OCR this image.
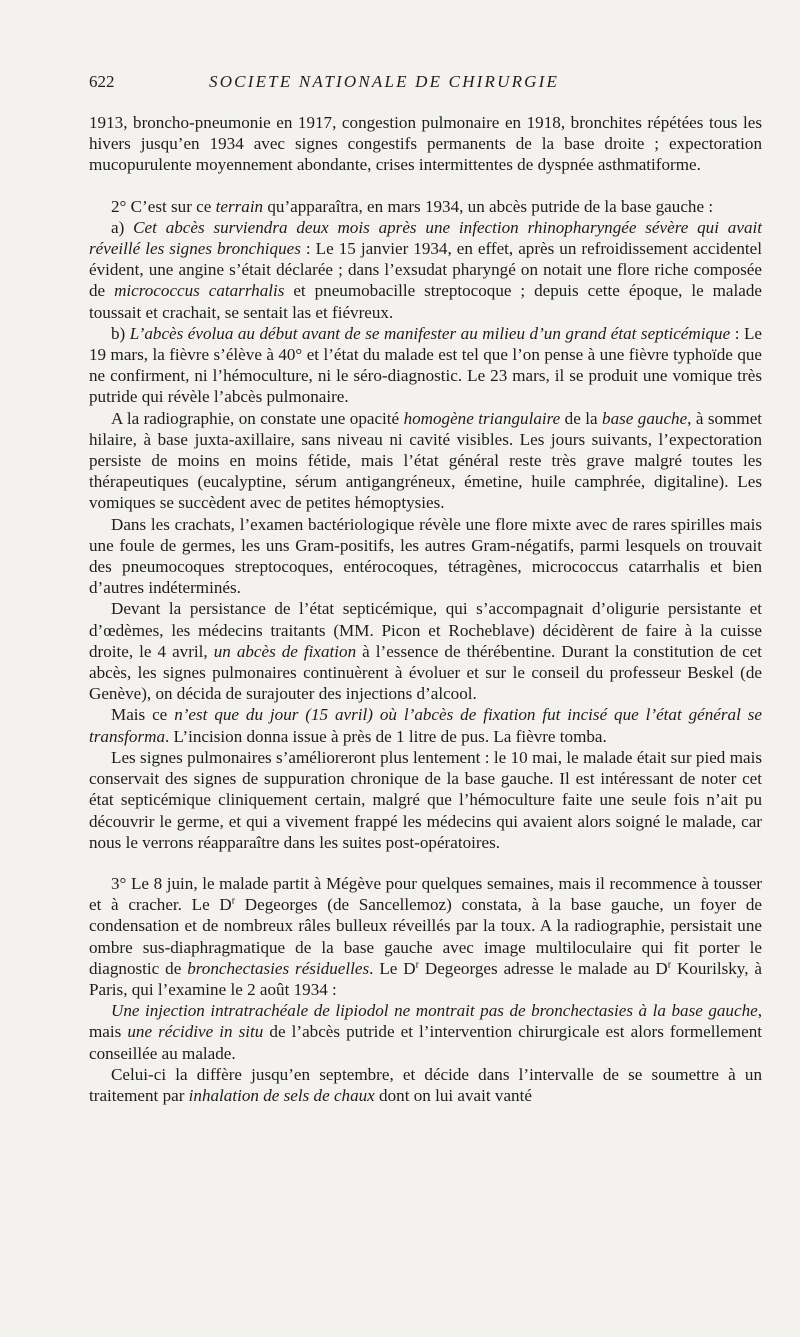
622	SOCIETE NATIONALE DE CHIRURGIE

1913, broncho-pneumonie en 1917, congestion pulmonaire en 1918, bronchites répétées tous les hivers jusqu’en 1934 avec signes congestifs permanents de la base droite ; expectoration mucopurulente moyennement abondante, crises intermittentes de dyspnée asthmatiforme.

2° C’est sur ce terrain qu’apparaîtra, en mars 1934, un abcès putride de la base gauche :

a) Cet abcès surviendra deux mois après une infection rhinopharyngée sévère qui avait réveillé les signes bronchiques : Le 15 janvier 1934, en effet, après un refroidissement accidentel évident, une angine s’était déclarée ; dans l’exsudat pharyngé on notait une flore riche composée de micrococcus catarrhalis et pneumobacille streptocoque ; depuis cette époque, le malade toussait et crachait, se sentait las et fiévreux.

b) L’abcès évolua au début avant de se manifester au milieu d’un grand état septicémique : Le 19 mars, la fièvre s’élève à 40° et l’état du malade est tel que l’on pense à une fièvre typhoïde que ne confirment, ni l’hémoculture, ni le séro-diagnostic. Le 23 mars, il se produit une vomique très putride qui révèle l’abcès pulmonaire.

A la radiographie, on constate une opacité homogène triangulaire de la base gauche, à sommet hilaire, à base juxta-axillaire, sans niveau ni cavité visibles. Les jours suivants, l’expectoration persiste de moins en moins fétide, mais l’état général reste très grave malgré toutes les thérapeutiques (eucalyptine, sérum antigangréneux, émetine, huile camphrée, digitaline). Les vomiques se succèdent avec de petites hémoptysies.

Dans les crachats, l’examen bactériologique révèle une flore mixte avec de rares spirilles mais une foule de germes, les uns Gram-positifs, les autres Gram-négatifs, parmi lesquels on trouvait des pneumocoques streptocoques, entérocoques, tétragènes, micrococcus catarrhalis et bien d’autres indéterminés.

Devant la persistance de l’état septicémique, qui s’accompagnait d’oligurie persistante et d’œdèmes, les médecins traitants (MM. Picon et Rocheblave) décidèrent de faire à la cuisse droite, le 4 avril, un abcès de fixation à l’essence de thérébentine. Durant la constitution de cet abcès, les signes pulmonaires continuèrent à évoluer et sur le conseil du professeur Beskel (de Genève), on décida de surajouter des injections d’alcool.

Mais ce n’est que du jour (15 avril) où l’abcès de fixation fut incisé que l’état général se transforma. L’incision donna issue à près de 1 litre de pus. La fièvre tomba.

Les signes pulmonaires s’amélioreront plus lentement : le 10 mai, le malade était sur pied mais conservait des signes de suppuration chronique de la base gauche. Il est intéressant de noter cet état septicémique cliniquement certain, malgré que l’hémoculture faite une seule fois n’ait pu découvrir le germe, et qui a vivement frappé les médecins qui avaient alors soigné le malade, car nous le verrons réapparaître dans les suites post-opératoires.

3° Le 8 juin, le malade partit à Mégève pour quelques semaines, mais il recommence à tousser et à cracher. Le $D^r$ Degeorges (de Sancellemoz) constata, à la base gauche, un foyer de condensation et de nombreux râles bulleux réveillés par la toux. A la radiographie, persistait une ombre sus-diaphragmatique de la base gauche avec image multiloculaire qui fit porter le diagnostic de bronchectasies résiduelles. Le $D^r$ Degeorges adresse le malade au $D^r$ Kourilsky, à Paris, qui l’examine le 2 août 1934 :

Une injection intratrachéale de lipiodol ne montrait pas de bronchectasies à la base gauche, mais une récidive in situ de l’abcès putride et l’intervention chirurgicale est alors formellement conseillée au malade.

Celui-ci la diffère jusqu’en septembre, et décide dans l’intervalle de se soumettre à un traitement par inhalation de sels de chaux dont on lui avait vanté
